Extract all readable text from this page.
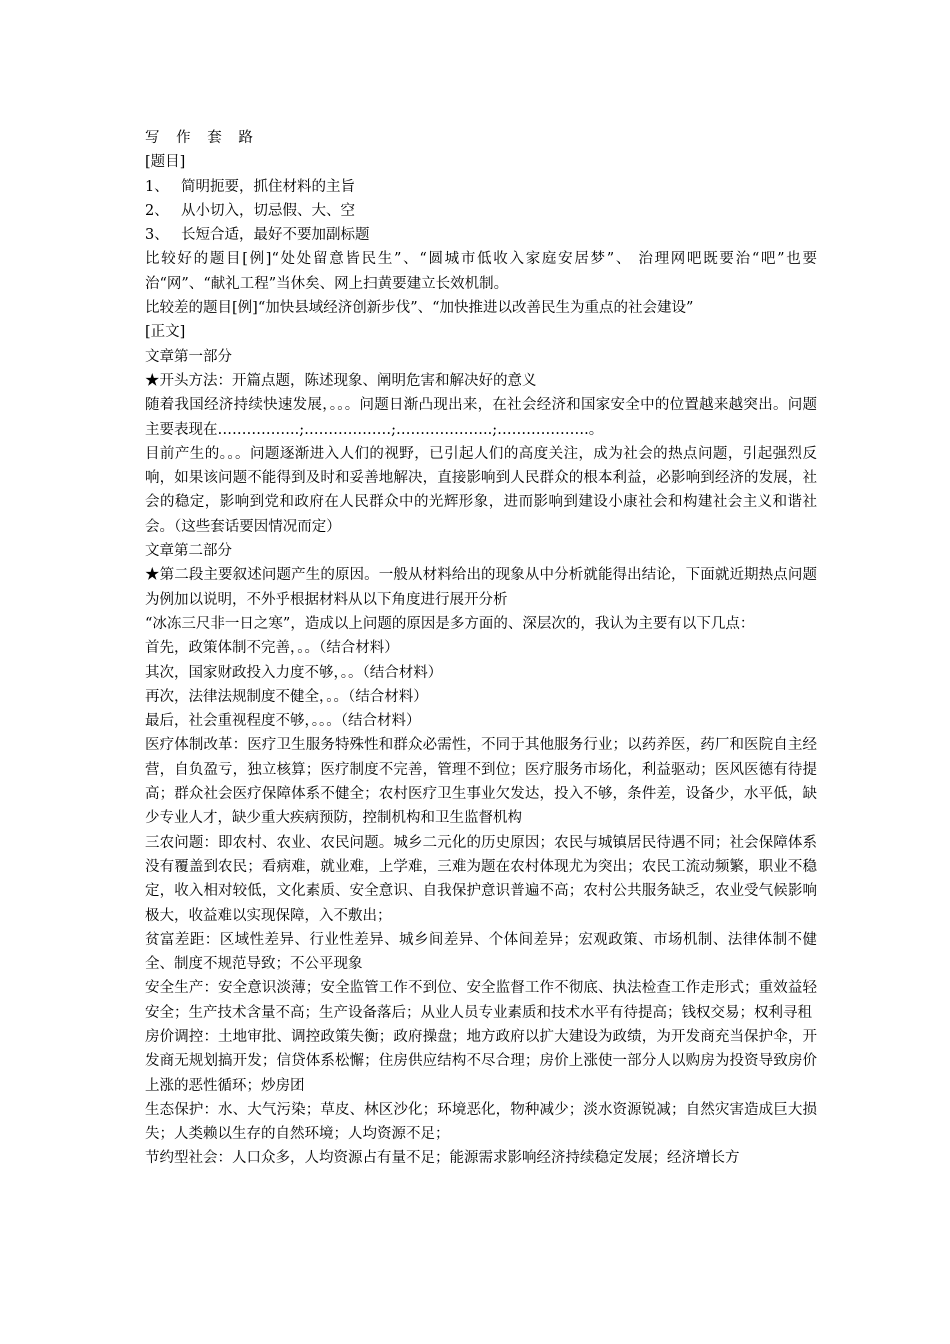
写 作 套 路

[题目]

1、 简明扼要，抓住材料的主旨
2、 从小切入，切忌假、大、空
3、 长短合适，最好不要加副标题

比较好的题目[例]“处处留意皆民生”、“圆城市低收入家庭安居梦”、 治理网吧既要治“吧”也要治“网”、“献礼工程”当休矣、网上扫黄要建立长效机制。

比较差的题目[例]“加快县域经济创新步伐”、“加快推进以改善民生为重点的社会建设”

[正文]

文章第一部分

★开头方法：开篇点题，陈述现象、阐明危害和解决好的意义

随着我国经济持续快速发展，。。。问题日渐凸现出来，在社会经济和国家安全中的位置越来越突出。问题主要表现在……………..;………………;………………..;……………….。

目前产生的。。。问题逐渐进入人们的视野，已引起人们的高度关注，成为社会的热点问题，引起强烈反响，如果该问题不能得到及时和妥善地解决，直接影响到人民群众的根本利益，必影响到经济的发展，社会的稳定，影响到党和政府在人民群众中的光辉形象，进而影响到建设小康社会和构建社会主义和谐社会。（这些套话要因情况而定）

文章第二部分

★第二段主要叙述问题产生的原因。一般从材料给出的现象从中分析就能得出结论，下面就近期热点问题为例加以说明，不外乎根据材料从以下角度进行展开分析

“冰冻三尺非一日之寒”，造成以上问题的原因是多方面的、深层次的，我认为主要有以下几点：

首先，政策体制不完善，。。（结合材料）

其次，国家财政投入力度不够，。。（结合材料）

再次，法律法规制度不健全，。。（结合材料）

最后，社会重视程度不够，。。。（结合材料）

医疗体制改革：医疗卫生服务特殊性和群众必需性，不同于其他服务行业；以药养医，药厂和医院自主经营，自负盈亏，独立核算；医疗制度不完善，管理不到位；医疗服务市场化，利益驱动；医风医德有待提高；群众社会医疗保障体系不健全；农村医疗卫生事业欠发达，投入不够，条件差，设备少，水平低，缺少专业人才，缺少重大疾病预防，控制机构和卫生监督机构

三农问题：即农村、农业、农民问题。城乡二元化的历史原因；农民与城镇居民待遇不同；社会保障体系没有覆盖到农民；看病难，就业难，上学难，三难为题在农村体现尤为突出；农民工流动频繁，职业不稳定，收入相对较低，文化素质、安全意识、自我保护意识普遍不高；农村公共服务缺乏，农业受气候影响极大，收益难以实现保障，入不敷出；

贫富差距：区域性差异、行业性差异、城乡间差异、个体间差异；宏观政策、市场机制、法律体制不健全、制度不规范导致；不公平现象

安全生产：安全意识淡薄；安全监管工作不到位、安全监督工作不彻底、执法检查工作走形式；重效益轻安全；生产技术含量不高；生产设备落后；从业人员专业素质和技术水平有待提高；钱权交易；权利寻租

房价调控：土地审批、调控政策失衡；政府操盘；地方政府以扩大建设为政绩，为开发商充当保护伞，开发商无规划搞开发；信贷体系松懈；住房供应结构不尽合理；房价上涨使一部分人以购房为投资导致房价上涨的恶性循环；炒房团

生态保护：水、大气污染；草皮、林区沙化；环境恶化，物种减少；淡水资源锐减；自然灾害造成巨大损失；人类赖以生存的自然环境；人均资源不足；

节约型社会：人口众多，人均资源占有量不足；能源需求影响经济持续稳定发展；经济增长方
